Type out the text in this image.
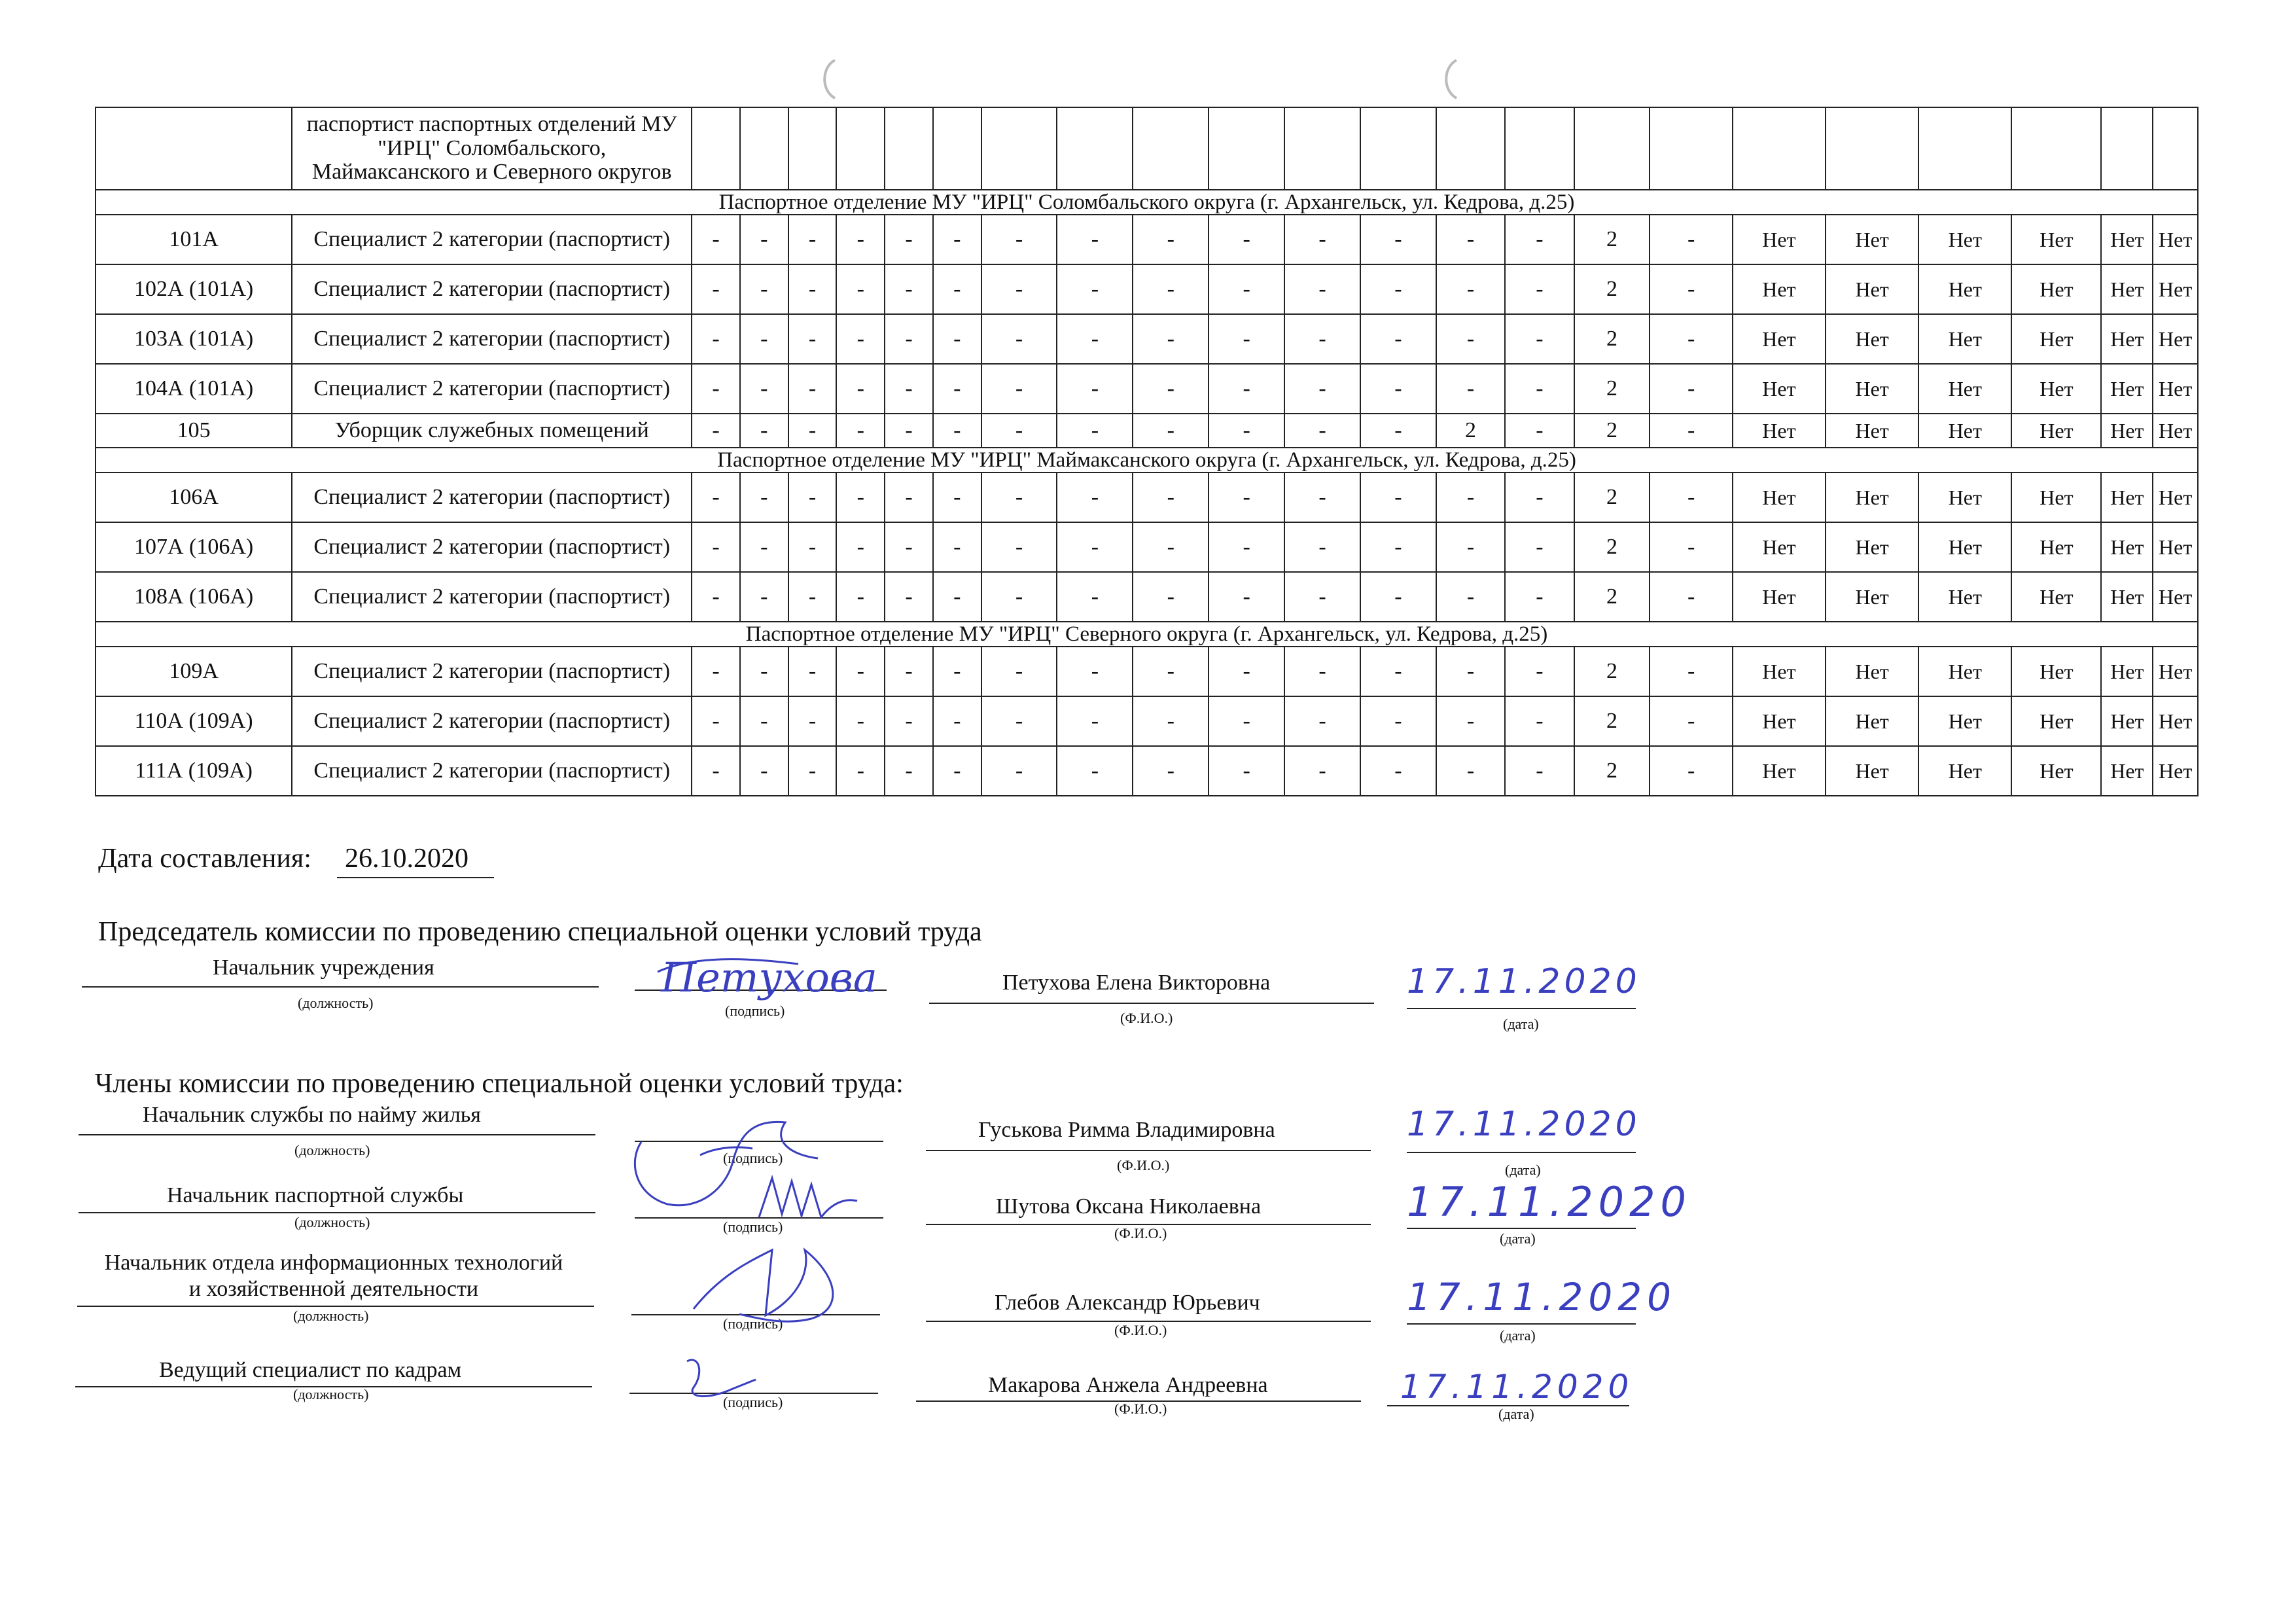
	паспортист паспортных отделений МУ "ИРЦ" Соломбальского, Маймаксанского и Северного округов																						
Паспортное отделение МУ "ИРЦ" Соломбальского округа (г. Архангельск, ул. Кедрова, д.25)																							
101А	Специалист 2 категории (паспортист)	-	-	-	-	-	-	-	-	-	-	-	-	-	-	2	-	Нет	Нет	Нет	Нет	Нет	Нет
102А (101А)	Специалист 2 категории (паспортист)	-	-	-	-	-	-	-	-	-	-	-	-	-	-	2	-	Нет	Нет	Нет	Нет	Нет	Нет
103А (101А)	Специалист 2 категории (паспортист)	-	-	-	-	-	-	-	-	-	-	-	-	-	-	2	-	Нет	Нет	Нет	Нет	Нет	Нет
104А (101А)	Специалист 2 категории (паспортист)	-	-	-	-	-	-	-	-	-	-	-	-	-	-	2	-	Нет	Нет	Нет	Нет	Нет	Нет
105	Уборщик служебных помещений	-	-	-	-	-	-	-	-	-	-	-	-	2	-	2	-	Нет	Нет	Нет	Нет	Нет	Нет
Паспортное отделение МУ "ИРЦ" Маймаксанского округа (г. Архангельск, ул. Кедрова, д.25)																							
106А	Специалист 2 категории (паспортист)	-	-	-	-	-	-	-	-	-	-	-	-	-	-	2	-	Нет	Нет	Нет	Нет	Нет	Нет
107А (106А)	Специалист 2 категории (паспортист)	-	-	-	-	-	-	-	-	-	-	-	-	-	-	2	-	Нет	Нет	Нет	Нет	Нет	Нет
108А (106А)	Специалист 2 категории (паспортист)	-	-	-	-	-	-	-	-	-	-	-	-	-	-	2	-	Нет	Нет	Нет	Нет	Нет	Нет
Паспортное отделение МУ "ИРЦ" Северного округа (г. Архангельск, ул. Кедрова, д.25)																							
109А	Специалист 2 категории (паспортист)	-	-	-	-	-	-	-	-	-	-	-	-	-	-	2	-	Нет	Нет	Нет	Нет	Нет	Нет
110А (109А)	Специалист 2 категории (паспортист)	-	-	-	-	-	-	-	-	-	-	-	-	-	-	2	-	Нет	Нет	Нет	Нет	Нет	Нет
111А (109А)	Специалист 2 категории (паспортист)	-	-	-	-	-	-	-	-	-	-	-	-	-	-	2	-	Нет	Нет	Нет	Нет	Нет	Нет
Дата составления: 26.10.2020
Председатель комиссии по проведению специальной оценки условий труда
Начальник учреждения
(должность)	(подпись)
Петухова	Петухова Елена Викторовна
(Ф.И.О.)
17.11.2020
(дата)
Члены комиссии по проведению специальной оценки условий труда:
Начальник службы по найму жилья
(должность)	(подпись)
Гуськова Римма Владимировна
(Ф.И.О.)
17.11.2020
(дата)
Начальник паспортной службы
(должность)	(подпись)
Шутова Оксана Николаевна
(Ф.И.О.)
17.11.2020
(дата)
Начальник отдела информационных технологий и хозяйственной деятельности
(должность)	(подпись)
Глебов Александр Юрьевич
(Ф.И.О.)
17.11.2020
(дата)
Ведущий специалист по кадрам
(должность)	(подпись)
Макарова Анжела Андреевна
(Ф.И.О.)
17.11.2020
(дата)
